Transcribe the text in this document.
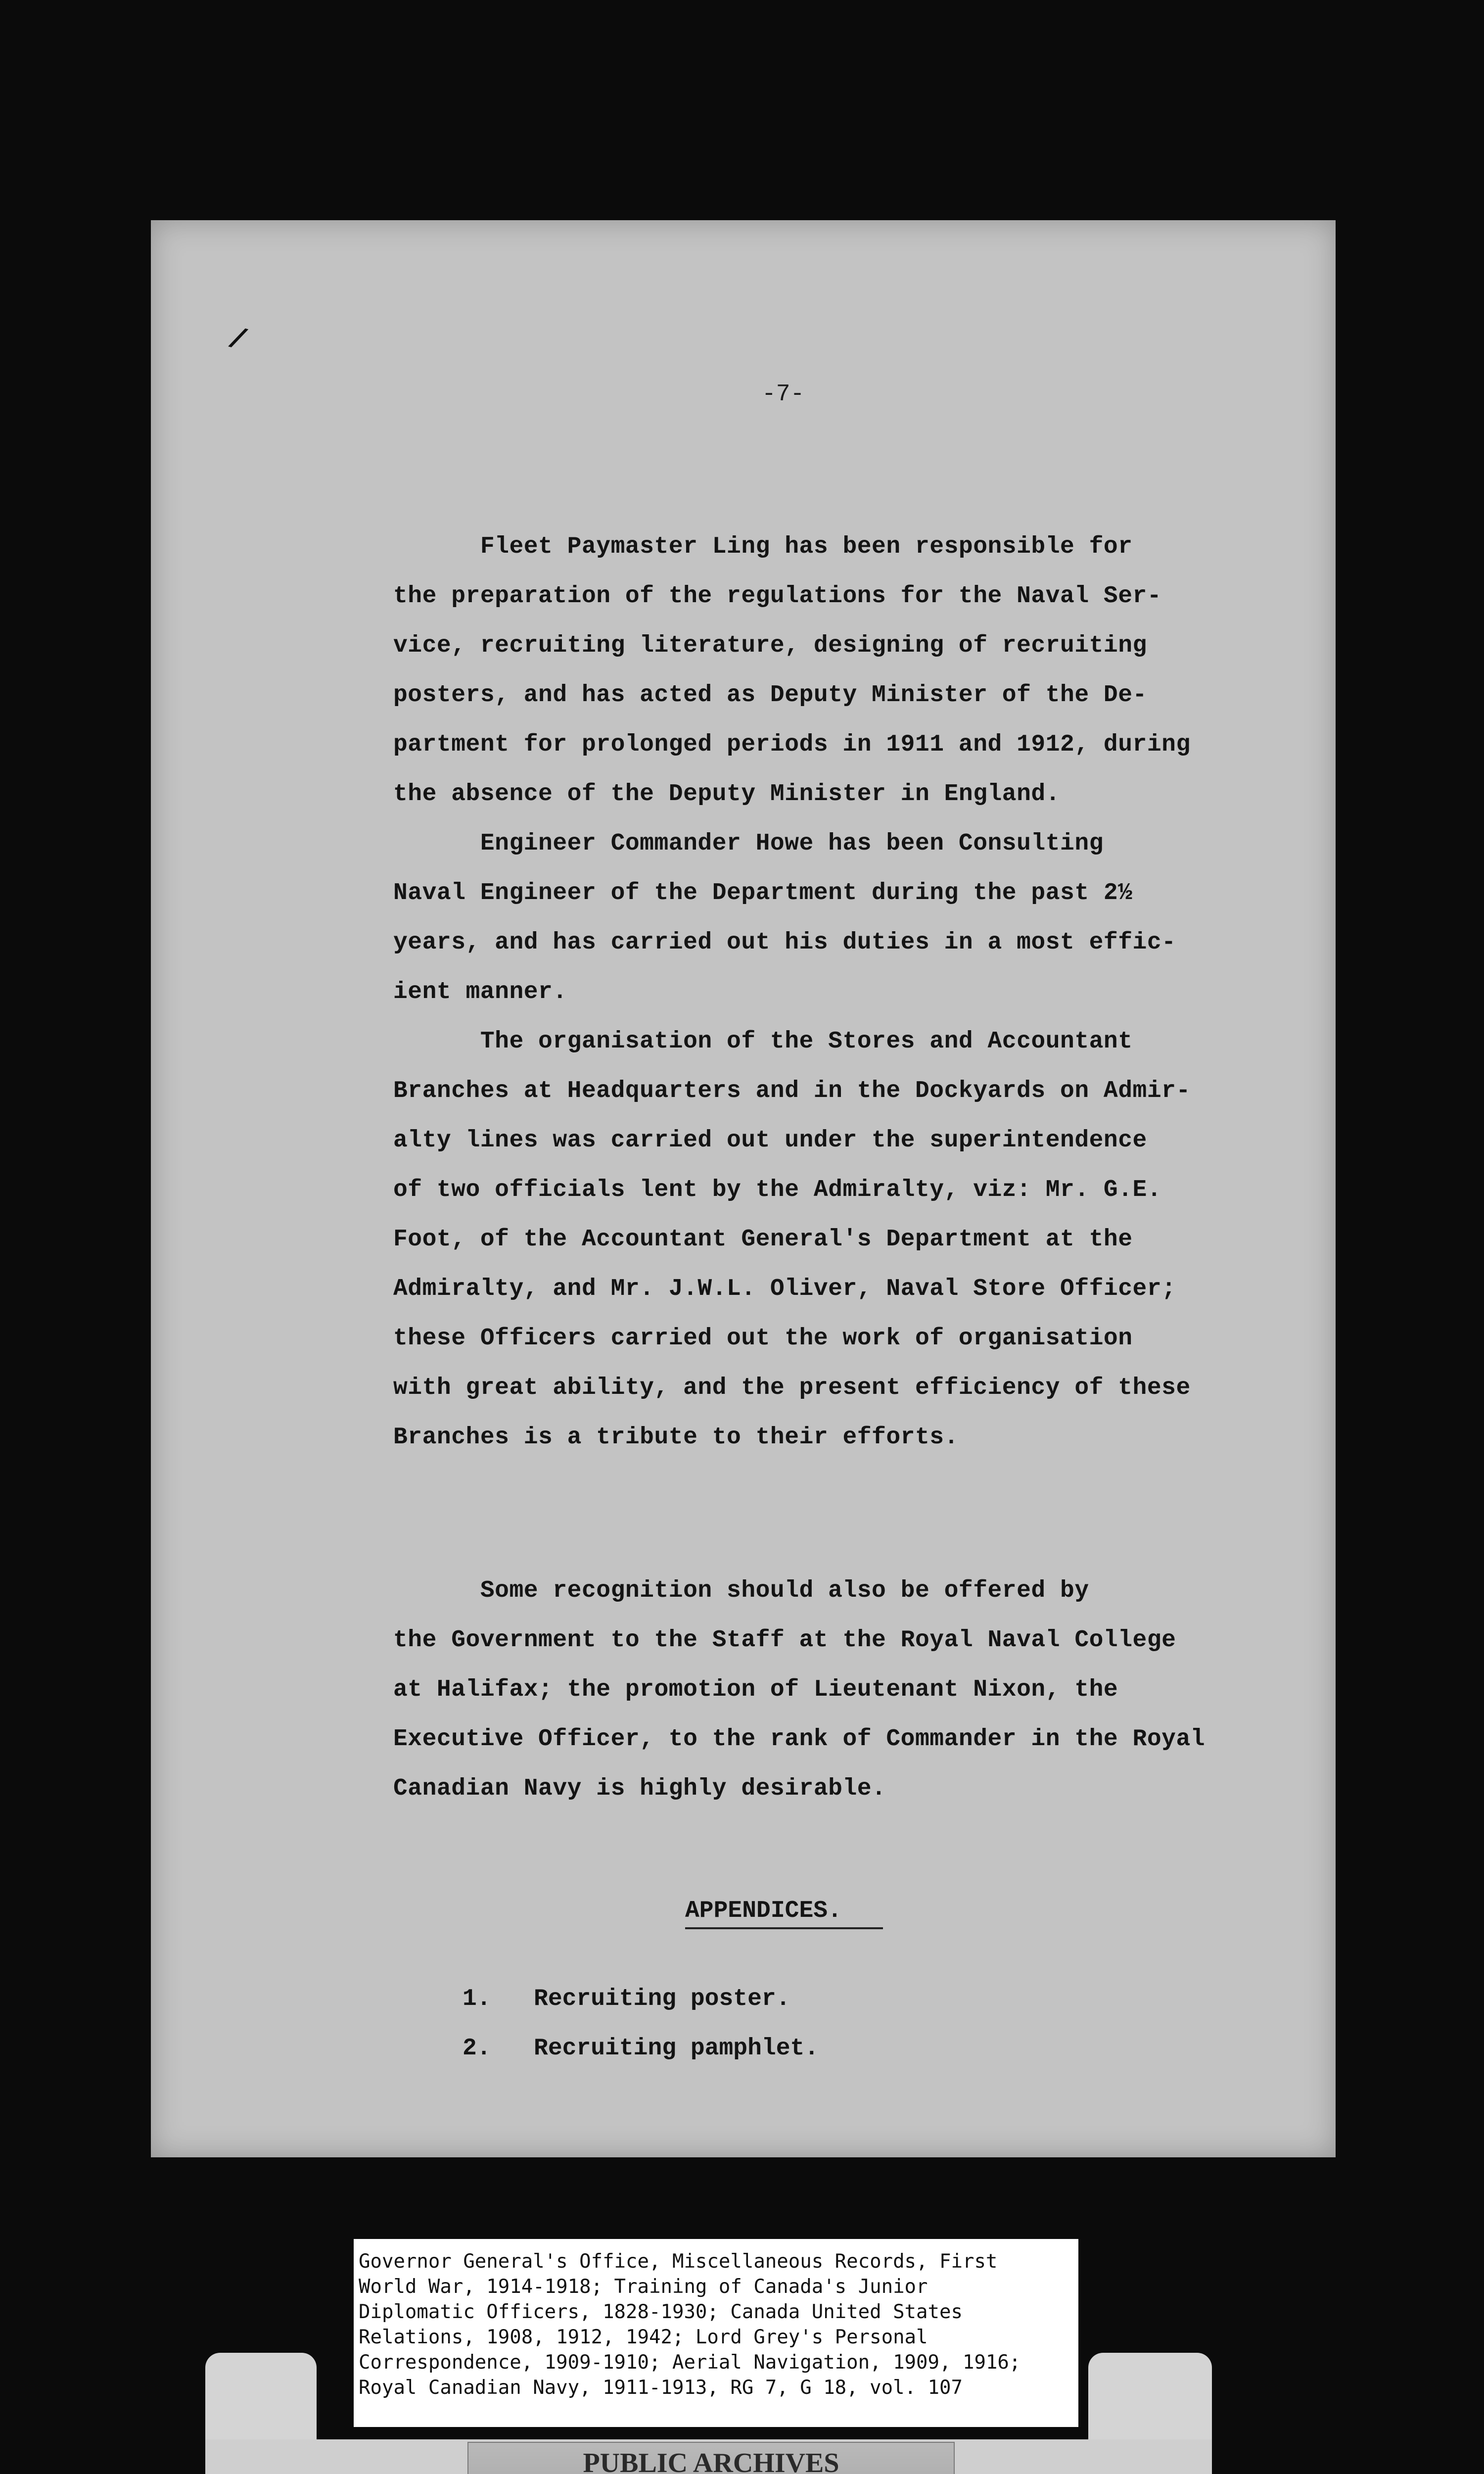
/
-7-
Fleet Paymaster Ling has been responsible for
the preparation of the regulations for the Naval Ser-
vice, recruiting literature, designing of recruiting
posters, and has acted as Deputy Minister of the De-
partment for prolonged periods in 1911 and 1912, during
the absence of the Deputy Minister in England.
Engineer Commander Howe has been Consulting
Naval Engineer of the Department during the past 2½
years, and has carried out his duties in a most effic-
ient manner.
The organisation of the Stores and Accountant
Branches at Headquarters and in the Dockyards on Admir-
alty lines was carried out under the superintendence
of two officials lent by the Admiralty, viz: Mr. G.E.
Foot, of the Accountant General's Department at the
Admiralty, and Mr. J.W.L. Oliver, Naval Store Officer;
these Officers carried out the work of organisation
with great ability, and the present efficiency of these
Branches is a tribute to their efforts.
Some recognition should also be offered by
the Government to the Staff at the Royal Naval College
at Halifax; the promotion of Lieutenant Nixon, the
Executive Officer, to the rank of Commander in the Royal
Canadian Navy is highly desirable.
APPENDICES.
1.   Recruiting poster.
2.   Recruiting pamphlet.
Governor General's Office, Miscellaneous Records, First
World War, 1914-1918; Training of Canada's Junior
Diplomatic Officers, 1828-1930; Canada United States
Relations, 1908, 1912, 1942; Lord Grey's Personal
Correspondence, 1909-1910; Aerial Navigation, 1909, 1916;
Royal Canadian Navy, 1911-1913, RG 7, G 18, vol. 107
PUBLIC ARCHIVES
